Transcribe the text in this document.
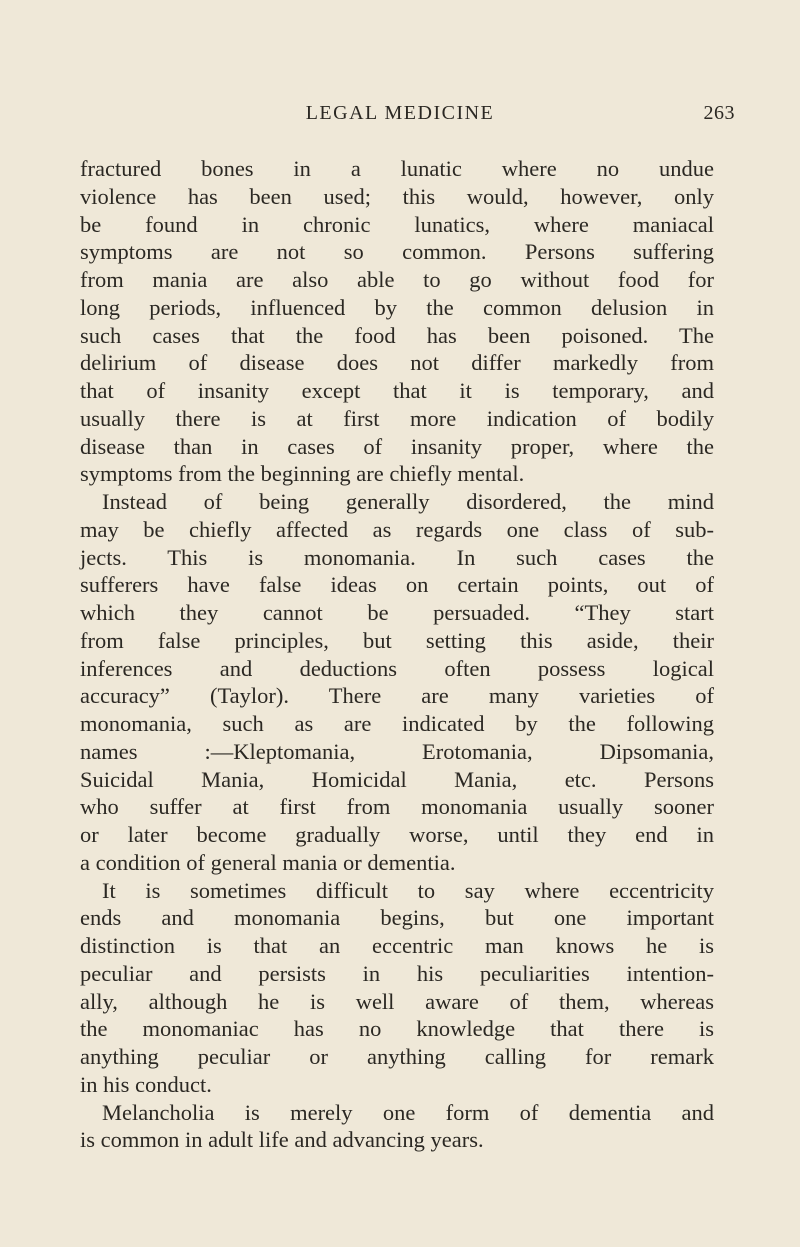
LEGAL MEDICINE	263
fractured bones in a lunatic where no undue
violence has been used; this would, however, only
be found in chronic lunatics, where maniacal
symptoms are not so common. Persons suffering
from mania are also able to go without food for
long periods, influenced by the common delusion in
such cases that the food has been poisoned. The
delirium of disease does not differ markedly from
that of insanity except that it is temporary, and
usually there is at first more indication of bodily
disease than in cases of insanity proper, where the
symptoms from the beginning are chiefly mental.
Instead of being generally disordered, the mind
may be chiefly affected as regards one class of sub-
jects. This is monomania. In such cases the
sufferers have false ideas on certain points, out of
which they cannot be persuaded. “They start
from false principles, but setting this aside, their
inferences and deductions often possess logical
accuracy” (Taylor). There are many varieties of
monomania, such as are indicated by the following
names :—Kleptomania, Erotomania, Dipsomania,
Suicidal Mania, Homicidal Mania, etc. Persons
who suffer at first from monomania usually sooner
or later become gradually worse, until they end in
a condition of general mania or dementia.
It is sometimes difficult to say where eccentricity
ends and monomania begins, but one important
distinction is that an eccentric man knows he is
peculiar and persists in his peculiarities intention-
ally, although he is well aware of them, whereas
the monomaniac has no knowledge that there is
anything peculiar or anything calling for remark
in his conduct.
Melancholia is merely one form of dementia and
is common in adult life and advancing years.
